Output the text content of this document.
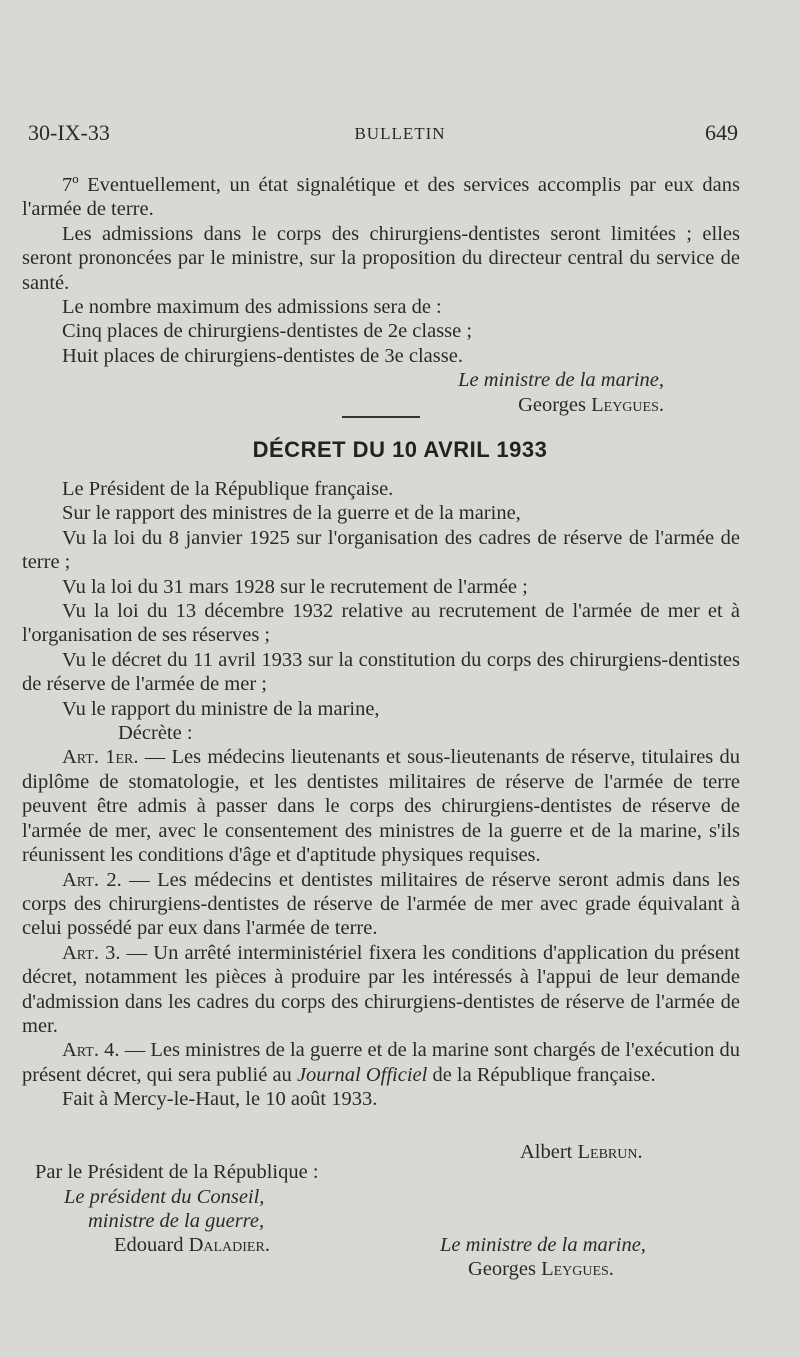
30-IX-33	BULLETIN	649

7º Eventuellement, un état signalétique et des services accomplis par eux dans l'armée de terre.

Les admissions dans le corps des chirurgiens-dentistes seront limitées ; elles seront prononcées par le ministre, sur la proposition du directeur central du service de santé.

Le nombre maximum des admissions sera de :

Cinq places de chirurgiens-dentistes de 2e classe ;

Huit places de chirurgiens-dentistes de 3e classe.

Le ministre de la marine,

Georges Leygues.

DÉCRET DU 10 AVRIL 1933

Le Président de la République française.

Sur le rapport des ministres de la guerre et de la marine,

Vu la loi du 8 janvier 1925 sur l'organisation des cadres de réserve de l'armée de terre ;

Vu la loi du 31 mars 1928 sur le recrutement de l'armée ;

Vu la loi du 13 décembre 1932 relative au recrutement de l'armée de mer et à l'organisation de ses réserves ;

Vu le décret du 11 avril 1933 sur la constitution du corps des chirurgiens-dentistes de réserve de l'armée de mer ;

Vu le rapport du ministre de la marine,

Décrète :

Art. 1er. — Les médecins lieutenants et sous-lieutenants de réserve, titulaires du diplôme de stomatologie, et les dentistes militaires de réserve de l'armée de terre peuvent être admis à passer dans le corps des chirurgiens-dentistes de réserve de l'armée de mer, avec le consentement des ministres de la guerre et de la marine, s'ils réunissent les conditions d'âge et d'aptitude physiques requises.

Art. 2. — Les médecins et dentistes militaires de réserve seront admis dans les corps des chirurgiens-dentistes de réserve de l'armée de mer avec grade équivalant à celui possédé par eux dans l'armée de terre.

Art. 3. — Un arrêté interministériel fixera les conditions d'application du présent décret, notamment les pièces à produire par les intéressés à l'appui de leur demande d'admission dans les cadres du corps des chirurgiens-dentistes de réserve de l'armée de mer.

Art. 4. — Les ministres de la guerre et de la marine sont chargés de l'exécution du présent décret, qui sera publié au Journal Officiel de la République française.

Fait à Mercy-le-Haut, le 10 août 1933.

Albert Lebrun.
Par le Président de la République :
Le président du Conseil,
ministre de la guerre,
Edouard Daladier.	Le ministre de la marine,
Georges Leygues.
